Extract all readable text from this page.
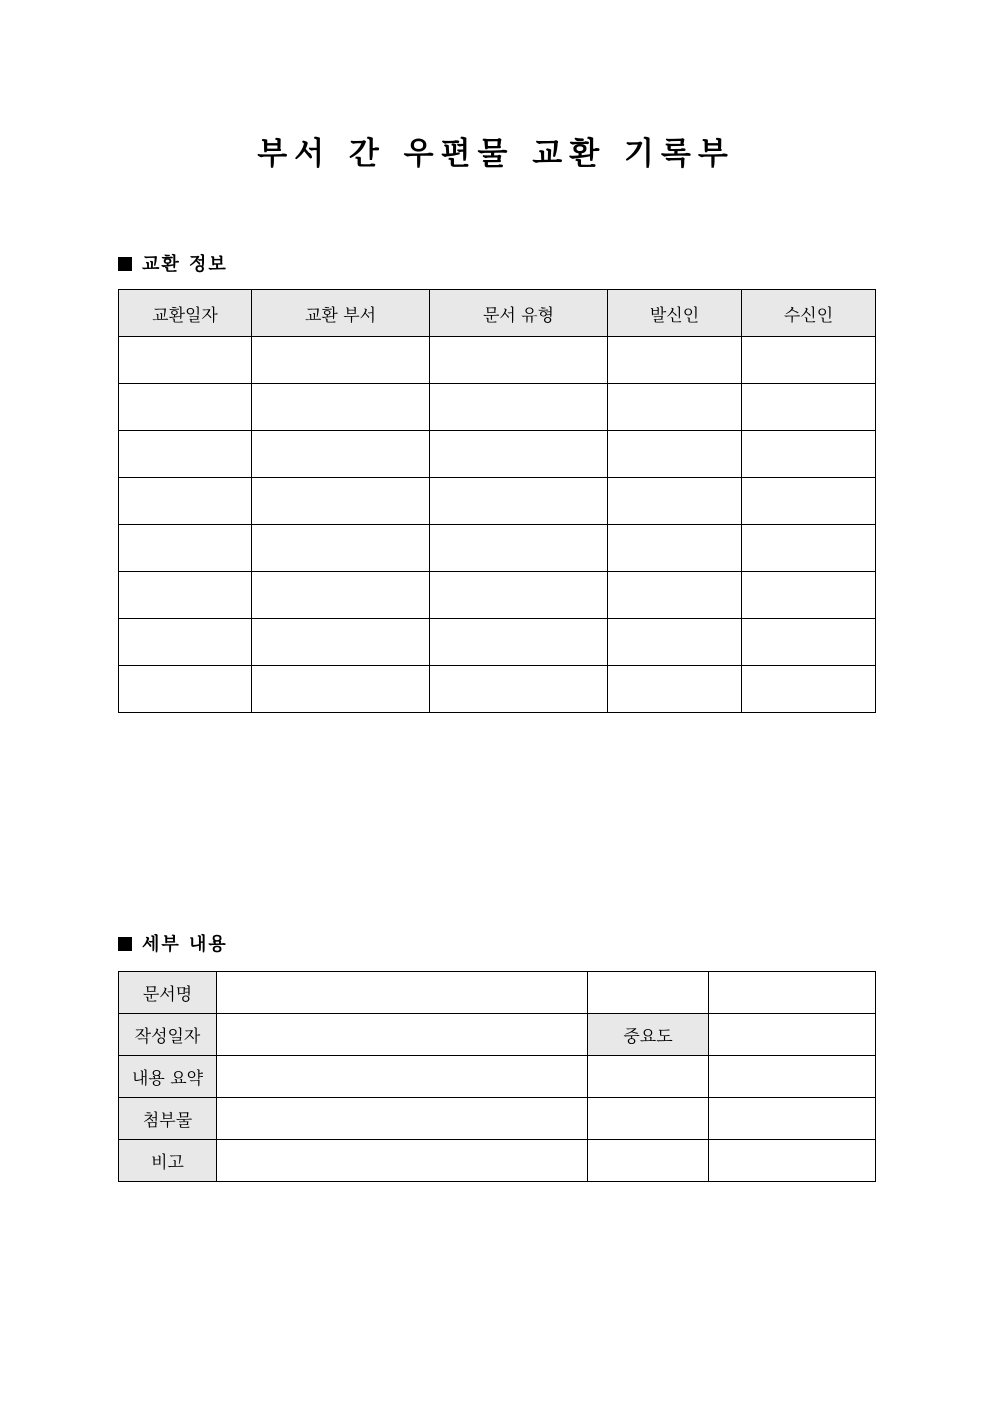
부서 간 우편물 교환 기록부
교환 정보
교환일자	교환 부서	문서 유형	발신인	수신인

세부 내용
문서명			
작성일자		중요도	
내용 요약			
첨부물			
비고			
